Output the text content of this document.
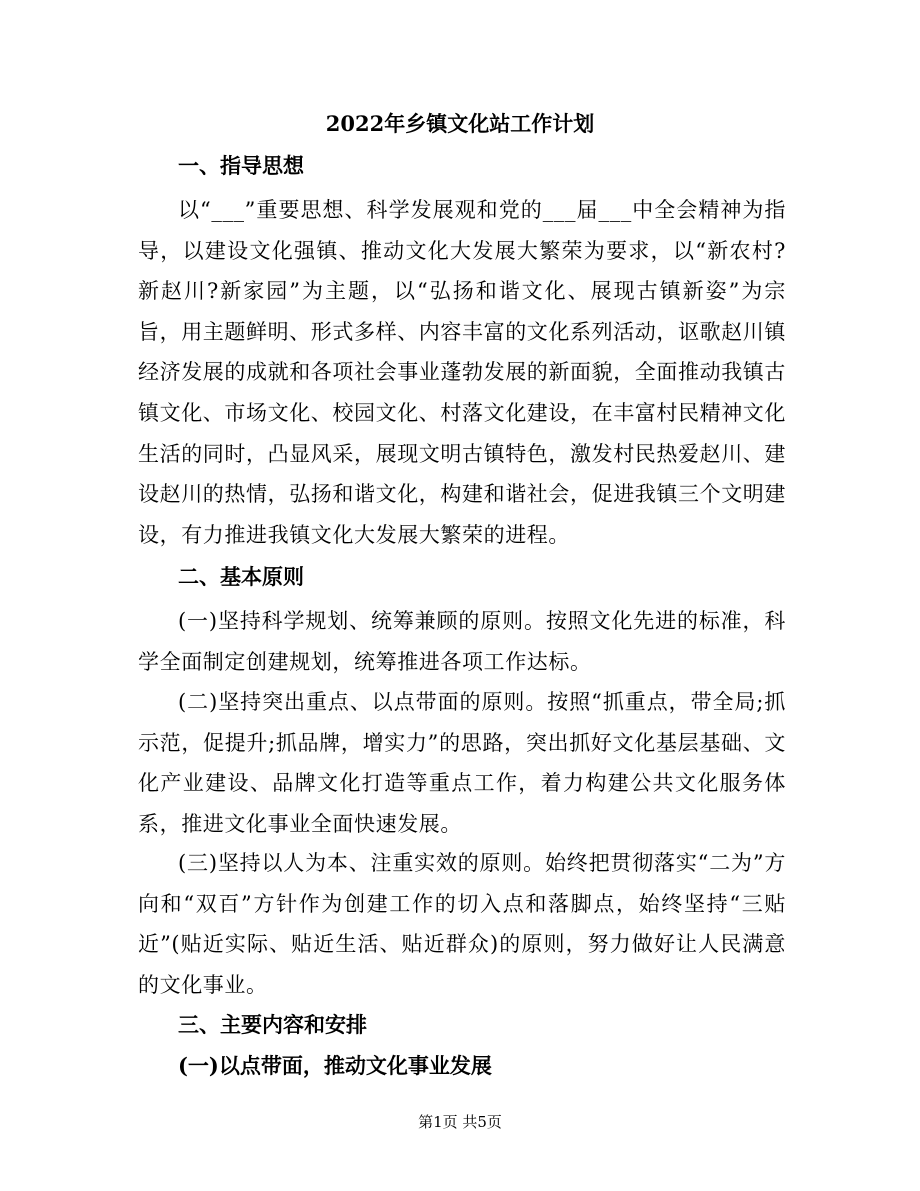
2022年乡镇文化站工作计划
一、指导思想
以“___”重要思想、科学发展观和党的___届___中全会精神为指导，以建设文化强镇、推动文化大发展大繁荣为要求，以“新农村?新赵川?新家园”为主题，以“弘扬和谐文化、展现古镇新姿”为宗旨，用主题鲜明、形式多样、内容丰富的文化系列活动，讴歌赵川镇经济发展的成就和各项社会事业蓬勃发展的新面貌，全面推动我镇古镇文化、市场文化、校园文化、村落文化建设，在丰富村民精神文化生活的同时，凸显风采，展现文明古镇特色，激发村民热爱赵川、建设赵川的热情，弘扬和谐文化，构建和谐社会，促进我镇三个文明建设，有力推进我镇文化大发展大繁荣的进程。
二、基本原则
(一)坚持科学规划、统筹兼顾的原则。按照文化先进的标准，科学全面制定创建规划，统筹推进各项工作达标。
(二)坚持突出重点、以点带面的原则。按照“抓重点，带全局;抓示范，促提升;抓品牌，增实力”的思路，突出抓好文化基层基础、文化产业建设、品牌文化打造等重点工作，着力构建公共文化服务体系，推进文化事业全面快速发展。
(三)坚持以人为本、注重实效的原则。始终把贯彻落实“二为”方向和“双百”方针作为创建工作的切入点和落脚点，始终坚持“三贴近”(贴近实际、贴近生活、贴近群众)的原则，努力做好让人民满意的文化事业。
三、主要内容和安排
(一)以点带面，推动文化事业发展
第1页 共5页
